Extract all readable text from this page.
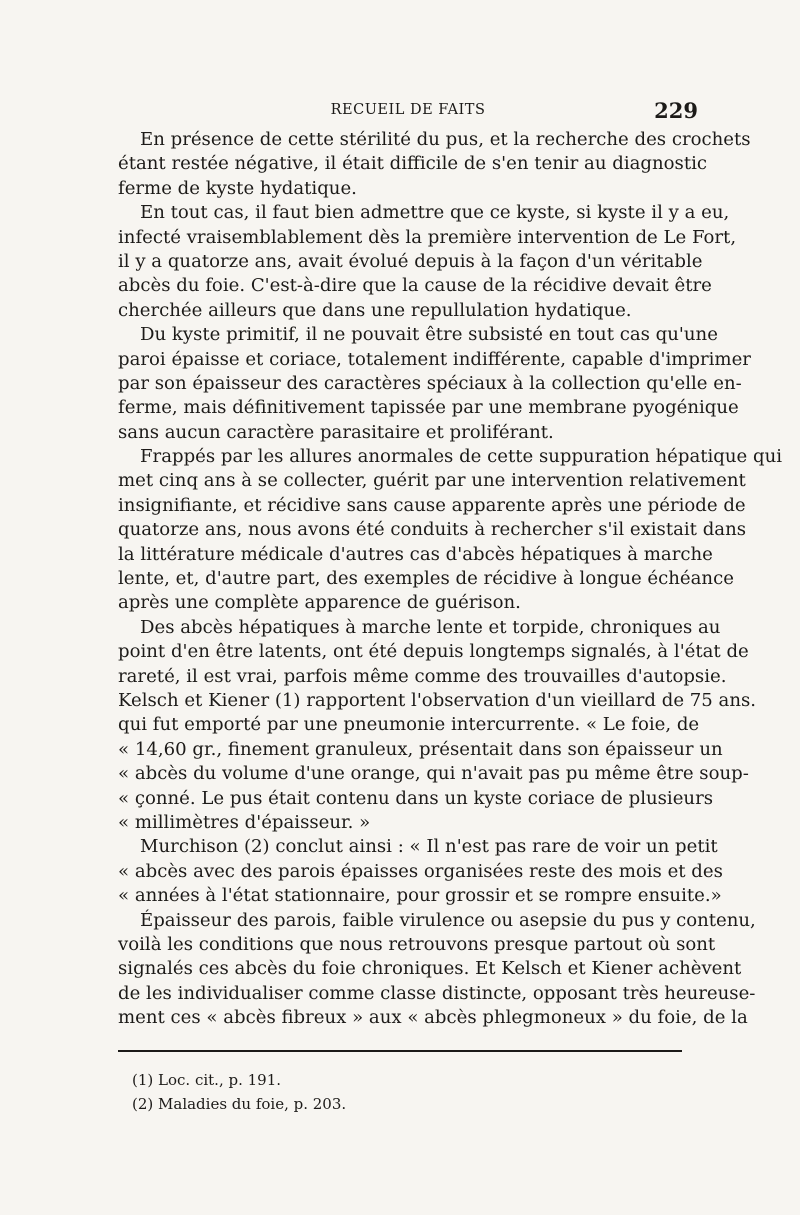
RECUEIL DE FAITS	229
En présence de cette stérilité du pus, et la recherche des crochets
étant restée négative, il était difficile de s'en tenir au diagnostic
ferme de kyste hydatique.
En tout cas, il faut bien admettre que ce kyste, si kyste il y a eu,
infecté vraisemblablement dès la première intervention de Le Fort,
il y a quatorze ans, avait évolué depuis à la façon d'un véritable
abcès du foie. C'est-à-dire que la cause de la récidive devait être
cherchée ailleurs que dans une repullulation hydatique.
Du kyste primitif, il ne pouvait être subsisté en tout cas qu'une
paroi épaisse et coriace, totalement indifférente, capable d'imprimer
par son épaisseur des caractères spéciaux à la collection qu'elle en-
ferme, mais définitivement tapissée par une membrane pyogénique
sans aucun caractère parasitaire et proliférant.
Frappés par les allures anormales de cette suppuration hépatique qui
met cinq ans à se collecter, guérit par une intervention relativement
insignifiante, et récidive sans cause apparente après une période de
quatorze ans, nous avons été conduits à rechercher s'il existait dans
la littérature médicale d'autres cas d'abcès hépatiques à marche
lente, et, d'autre part, des exemples de récidive à longue échéance
après une complète apparence de guérison.
Des abcès hépatiques à marche lente et torpide, chroniques au
point d'en être latents, ont été depuis longtemps signalés, à l'état de
rareté, il est vrai, parfois même comme des trouvailles d'autopsie.
Kelsch et Kiener (1) rapportent l'observation d'un vieillard de 75 ans.
qui fut emporté par une pneumonie intercurrente. « Le foie, de
« 14,60 gr., finement granuleux, présentait dans son épaisseur un
« abcès du volume d'une orange, qui n'avait pas pu même être soup-
« çonné. Le pus était contenu dans un kyste coriace de plusieurs
« millimètres d'épaisseur. »
Murchison (2) conclut ainsi : « Il n'est pas rare de voir un petit
« abcès avec des parois épaisses organisées reste des mois et des
« années à l'état stationnaire, pour grossir et se rompre ensuite.»
Épaisseur des parois, faible virulence ou asepsie du pus y contenu,
voilà les conditions que nous retrouvons presque partout où sont
signalés ces abcès du foie chroniques. Et Kelsch et Kiener achèvent
de les individualiser comme classe distincte, opposant très heureuse-
ment ces « abcès fibreux » aux « abcès phlegmoneux » du foie, de la
(1) Loc. cit., p. 191.
(2) Maladies du foie, p. 203.
